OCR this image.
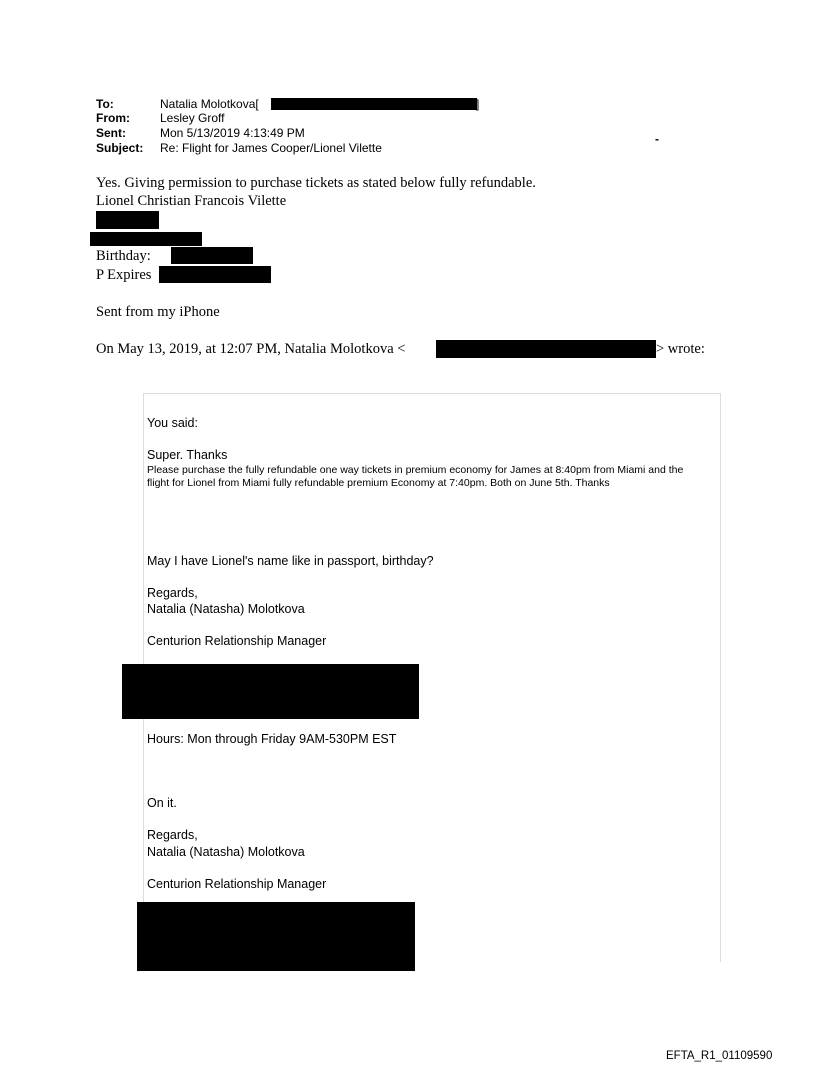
To:	Natalia Molotkova[	]
From:	Lesley Groff
Sent:	Mon 5/13/2019 4:13:49 PM	-
Subject: Re: Flight for James Cooper/Lionel Vilette
Yes. Giving permission to purchase tickets as stated below fully refundable.
Lionel Christian Francois Vilette
Birthday:
P Expires
Sent from my iPhone
On May 13, 2019, at 12:07 PM, Natalia Molotkova <	> wrote:
You said:
Super. Thanks
Please purchase the fully refundable one way tickets in premium economy for James at 8:40pm from Miami and the flight for Lionel from Miami fully refundable premium Economy at 7:40pm. Both on June 5th. Thanks
May I have Lionel's name like in passport, birthday?
Regards,
Natalia (Natasha) Molotkova
Centurion Relationship Manager
Hours: Mon through Friday 9AM-530PM EST
On it.
Regards,
Natalia (Natasha) Molotkova
Centurion Relationship Manager
EFTA_R1_01109590
